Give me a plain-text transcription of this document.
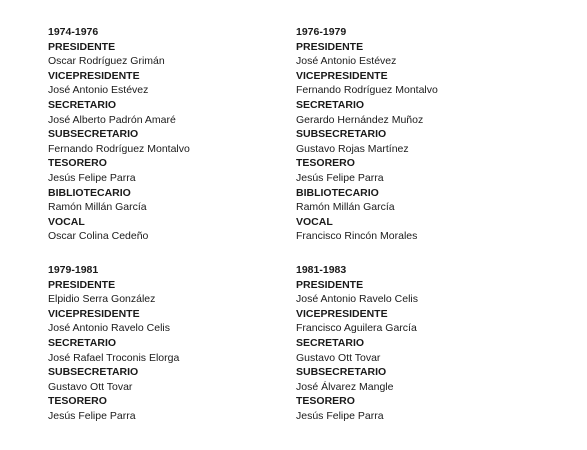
1974-1976
PRESIDENTE
Oscar Rodríguez Grimán
VICEPRESIDENTE
José Antonio Estévez
SECRETARIO
José Alberto Padrón Amaré
SUBSECRETARIO
Fernando Rodríguez Montalvo
TESORERO
Jesús Felipe Parra
BIBLIOTECARIO
Ramón Millán García
VOCAL
Oscar Colina Cedeño
1976-1979
PRESIDENTE
José Antonio Estévez
VICEPRESIDENTE
Fernando Rodríguez Montalvo
SECRETARIO
Gerardo Hernández Muñoz
SUBSECRETARIO
Gustavo Rojas Martínez
TESORERO
Jesús Felipe Parra
BIBLIOTECARIO
Ramón Millán García
VOCAL
Francisco Rincón Morales
1979-1981
PRESIDENTE
Elpidio Serra González
VICEPRESIDENTE
José Antonio Ravelo Celis
SECRETARIO
José Rafael Troconis Elorga
SUBSECRETARIO
Gustavo Ott Tovar
TESORERO
Jesús Felipe Parra
1981-1983
PRESIDENTE
José Antonio Ravelo Celis
VICEPRESIDENTE
Francisco Aguilera García
SECRETARIO
Gustavo Ott Tovar
SUBSECRETARIO
José Álvarez Mangle
TESORERO
Jesús Felipe Parra
